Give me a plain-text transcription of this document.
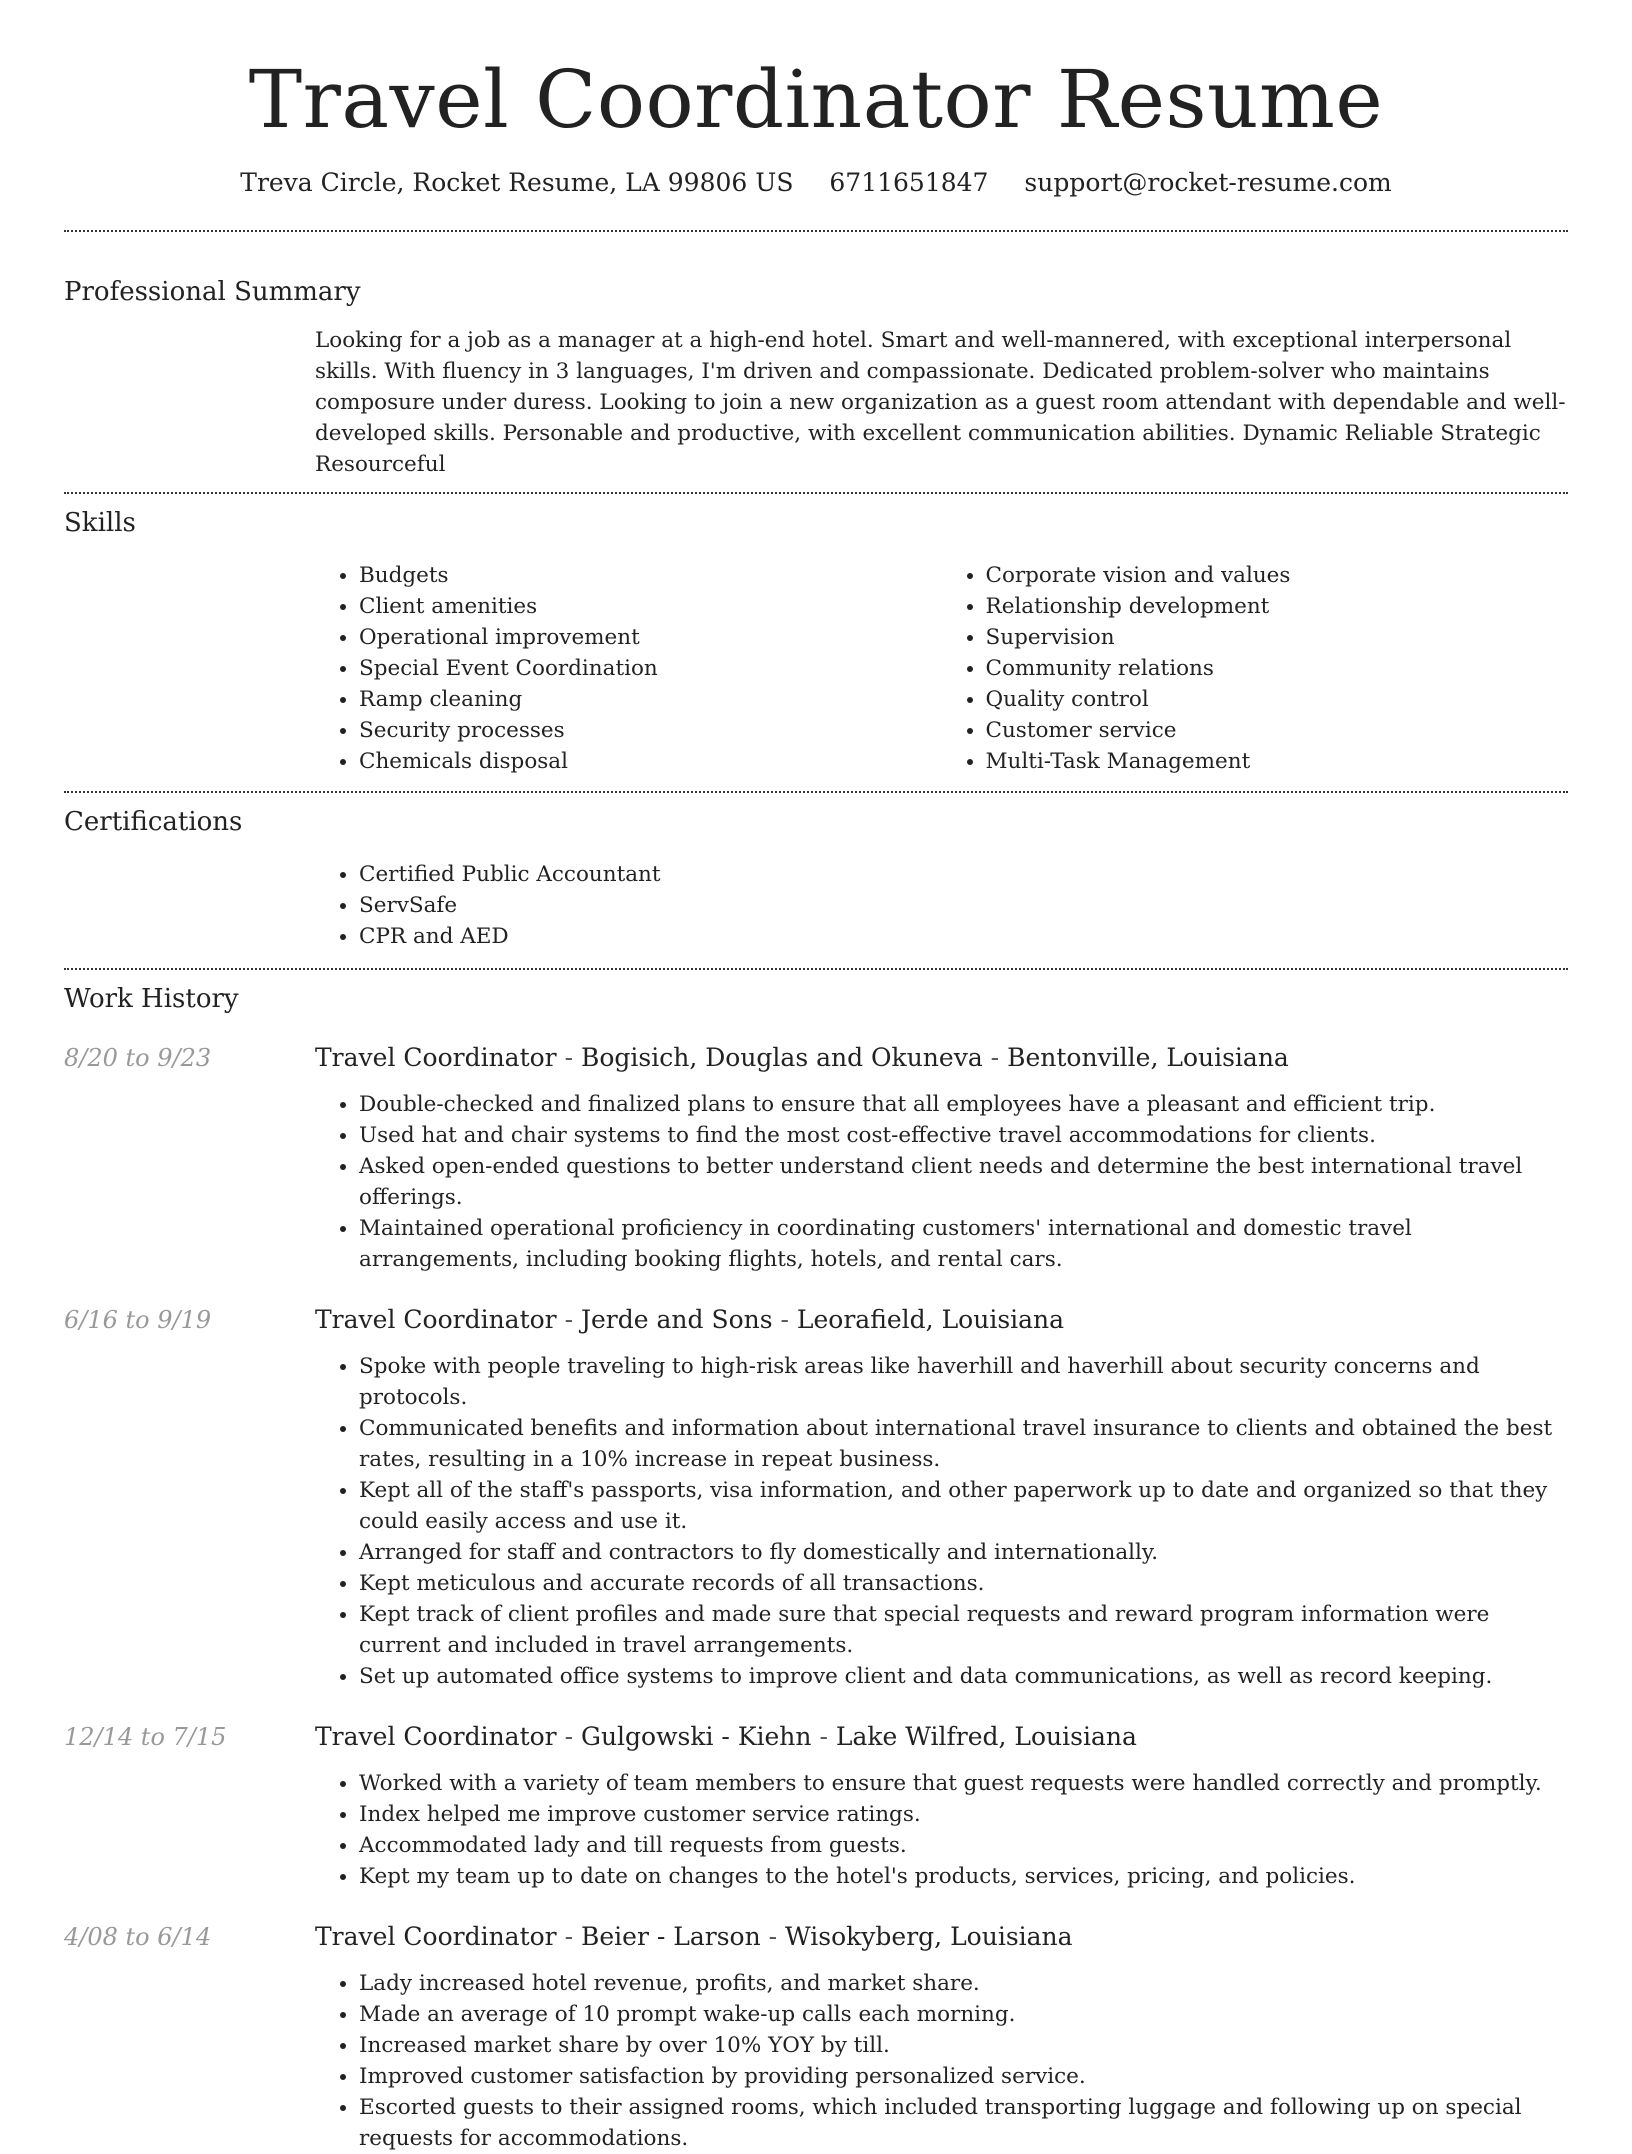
Travel Coordinator Resume
Treva Circle, Rocket Resume, LA 99806 US 6711651847 support@rocket-resume.com
Professional Summary

Looking for a job as a manager at a high-end hotel. Smart and well-mannered, with exceptional interpersonal skills. With fluency in 3 languages, I'm driven and compassionate. Dedicated problem-solver who maintains composure under duress. Looking to join a new organization as a guest room attendant with dependable and well-developed skills. Personable and productive, with excellent communication abilities. Dynamic Reliable Strategic Resourceful

Skills
• Budgets
• Client amenities
• Operational improvement
• Special Event Coordination
• Ramp cleaning
• Security processes
• Chemicals disposal
• Corporate vision and values
• Relationship development
• Supervision
• Community relations
• Quality control
• Customer service
• Multi-Task Management
Certifications
• Certified Public Accountant
• ServSafe
• CPR and AED
Work History
8/20 to 9/23	Travel Coordinator - Bogisich, Douglas and Okuneva - Bentonville, Louisiana
• Double-checked and finalized plans to ensure that all employees have a pleasant and efficient trip.
• Used hat and chair systems to find the most cost-effective travel accommodations for clients.
• Asked open-ended questions to better understand client needs and determine the best international travel offerings.
• Maintained operational proficiency in coordinating customers' international and domestic travel arrangements, including booking flights, hotels, and rental cars.
6/16 to 9/19	Travel Coordinator - Jerde and Sons - Leorafield, Louisiana
• Spoke with people traveling to high-risk areas like haverhill and haverhill about security concerns and protocols.
• Communicated benefits and information about international travel insurance to clients and obtained the best rates, resulting in a 10% increase in repeat business.
• Kept all of the staff's passports, visa information, and other paperwork up to date and organized so that they could easily access and use it.
• Arranged for staff and contractors to fly domestically and internationally.
• Kept meticulous and accurate records of all transactions.
• Kept track of client profiles and made sure that special requests and reward program information were current and included in travel arrangements.
• Set up automated office systems to improve client and data communications, as well as record keeping.
12/14 to 7/15	Travel Coordinator - Gulgowski - Kiehn - Lake Wilfred, Louisiana
• Worked with a variety of team members to ensure that guest requests were handled correctly and promptly.
• Index helped me improve customer service ratings.
• Accommodated lady and till requests from guests.
• Kept my team up to date on changes to the hotel's products, services, pricing, and policies.
4/08 to 6/14	Travel Coordinator - Beier - Larson - Wisokyberg, Louisiana
• Lady increased hotel revenue, profits, and market share.
• Made an average of 10 prompt wake-up calls each morning.
• Increased market share by over 10% YOY by till.
• Improved customer satisfaction by providing personalized service.
• Escorted guests to their assigned rooms, which included transporting luggage and following up on special requests for accommodations.
